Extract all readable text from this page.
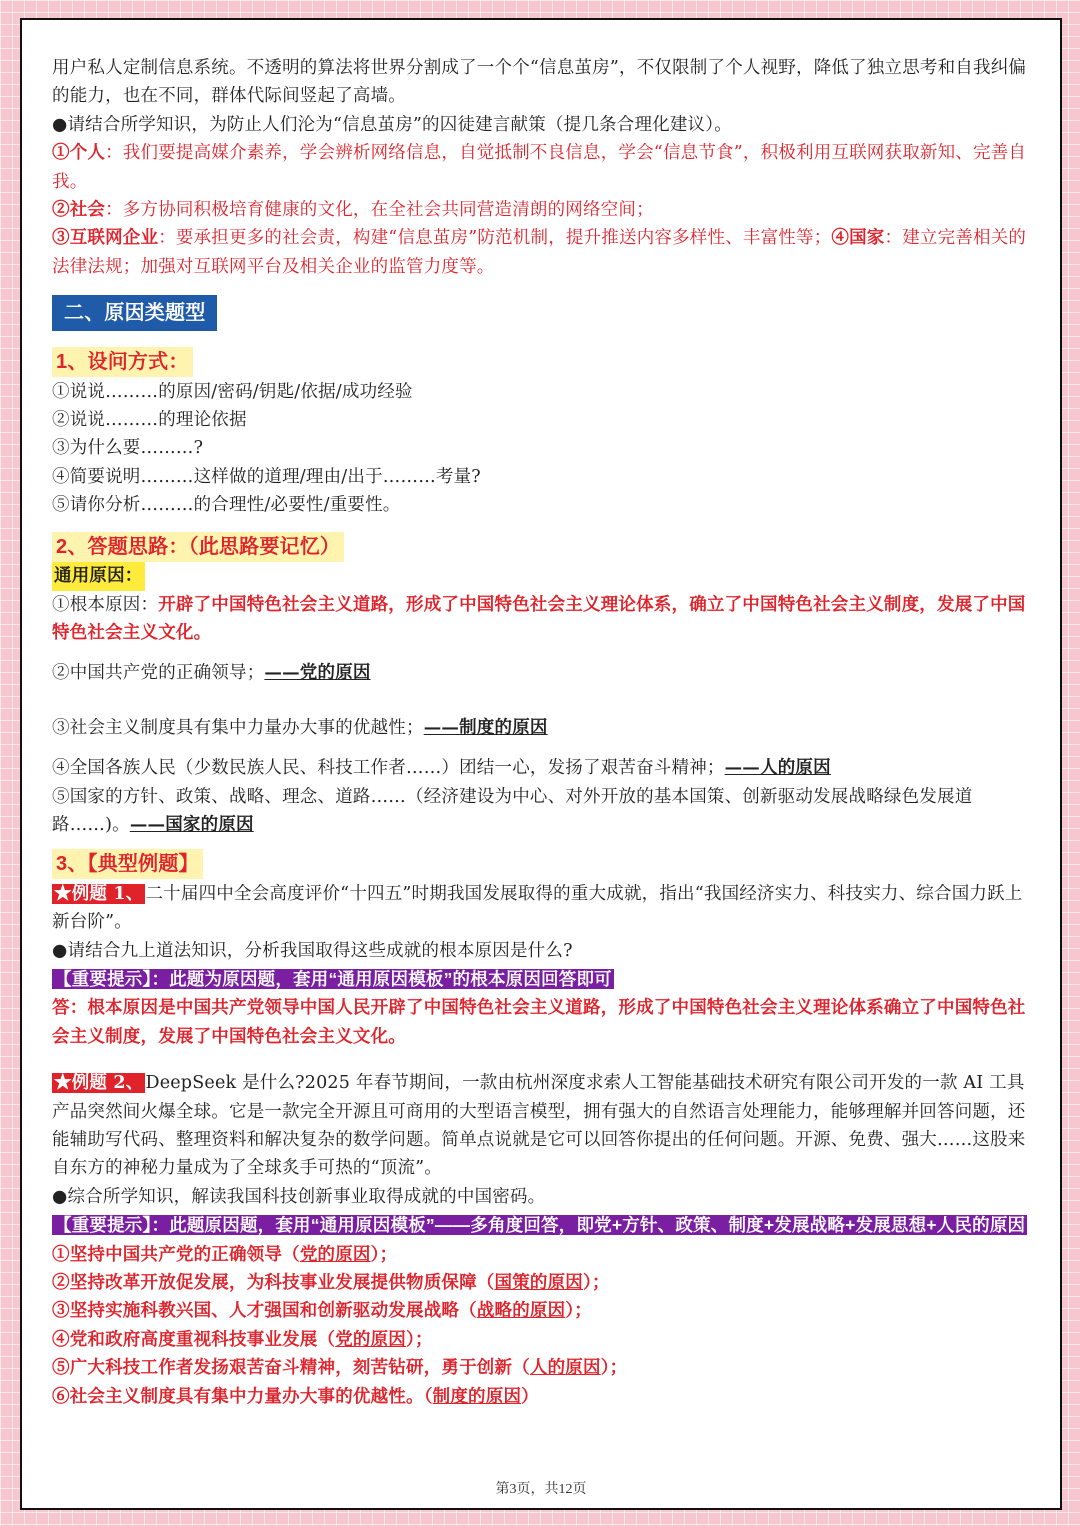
用户私人定制信息系统。不透明的算法将世界分割成了一个个“信息茧房”，不仅限制了个人视野，降低了独立思考和自我纠偏的能力，也在不同，群体代际间竖起了高墙。

●请结合所学知识，为防止人们沦为“信息茧房”的囚徒建言献策（提几条合理化建议）。

①个人：我们要提高媒介素养，学会辨析网络信息，自觉抵制不良信息，学会“信息节食”，积极利用互联网获取新知、完善自我。

②社会：多方协同积极培育健康的文化，在全社会共同营造清朗的网络空间；

③互联网企业：要承担更多的社会责，构建“信息茧房”防范机制，提升推送内容多样性、丰富性等；④国家：建立完善相关的法律法规；加强对互联网平台及相关企业的监管力度等。

二、原因类题型
1、设问方式：

①说说………的原因/密码/钥匙/依据/成功经验

②说说………的理论依据

③为什么要………?

④简要说明………这样做的道理/理由/出于………考量?

⑤请你分析………的合理性/必要性/重要性。

2、答题思路：（此思路要记忆）

通用原因：

①根本原因：开辟了中国特色社会主义道路，形成了中国特色社会主义理论体系，确立了中国特色社会主义制度，发展了中国特色社会主义文化。

②中国共产党的正确领导；——党的原因

③社会主义制度具有集中力量办大事的优越性；——制度的原因

④全国各族人民（少数民族人民、科技工作者……）团结一心，发扬了艰苦奋斗精神；——人的原因

⑤国家的方针、政策、战略、理念、道路……（经济建设为中心、对外开放的基本国策、创新驱动发展战略绿色发展道路……)。——国家的原因

3、【典型例题】

★例题 1、 二十届四中全会高度评价“十四五”时期我国发展取得的重大成就，指出“我国经济实力、科技实力、综合国力跃上新台阶”。

●请结合九上道法知识，分析我国取得这些成就的根本原因是什么?

【重要提示】：此题为原因题，套用“通用原因模板”的根本原因回答即可

答：根本原因是中国共产党领导中国人民开辟了中国特色社会主义道路，形成了中国特色社会主义理论体系确立了中国特色社会主义制度，发展了中国特色社会主义文化。

★例题 2、 DeepSeek 是什么?2025 年春节期间，一款由杭州深度求索人工智能基础技术研究有限公司开发的一款 AI 工具产品突然间火爆全球。它是一款完全开源且可商用的大型语言模型，拥有强大的自然语言处理能力，能够理解并回答问题，还能辅助写代码、整理资料和解决复杂的数学问题。简单点说就是它可以回答你提出的任何问题。开源、免费、强大……这股来自东方的神秘力量成为了全球炙手可热的“顶流”。

●综合所学知识，解读我国科技创新事业取得成就的中国密码。

【重要提示】：此题原因题，套用“通用原因模板”——多角度回答，即党+方针、政策、制度+发展战略+发展思想+人民的原因

①坚持中国共产党的正确领导（党的原因）；

②坚持改革开放促发展，为科技事业发展提供物质保障（国策的原因）；

③坚持实施科教兴国、人才强国和创新驱动发展战略（战略的原因）；

④党和政府高度重视科技事业发展（党的原因）；

⑤广大科技工作者发扬艰苦奋斗精神，刻苦钻研，勇于创新（人的原因）；

⑥社会主义制度具有集中力量办大事的优越性。（制度的原因）

第3页，共12页
